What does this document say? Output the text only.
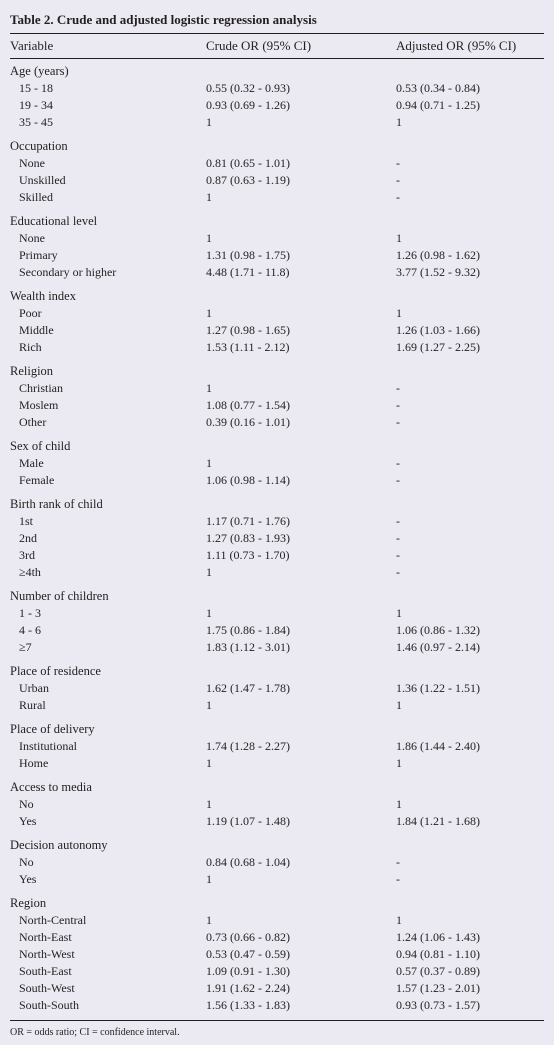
Table 2. Crude and adjusted logistic regression analysis
Variable	Crude OR (95% CI)	Adjusted OR (95% CI)
Age (years)
15 - 18	0.55 (0.32 - 0.93)	0.53 (0.34 - 0.84)
19 - 34	0.93 (0.69 - 1.26)	0.94 (0.71 - 1.25)
35 - 45	1	1
Occupation
None	0.81 (0.65 - 1.01)	-
Unskilled	0.87 (0.63 - 1.19)	-
Skilled	1	-
Educational level
None	1	1
Primary	1.31 (0.98 - 1.75)	1.26 (0.98 - 1.62)
Secondary or higher	4.48 (1.71 - 11.8)	3.77 (1.52 - 9.32)
Wealth index
Poor	1	1
Middle	1.27 (0.98 - 1.65)	1.26 (1.03 - 1.66)
Rich	1.53 (1.11 - 2.12)	1.69 (1.27 - 2.25)
Religion
Christian	1	-
Moslem	1.08 (0.77 - 1.54)	-
Other	0.39 (0.16 - 1.01)	-
Sex of child
Male	1	-
Female	1.06 (0.98 - 1.14)	-
Birth rank of child
1st	1.17 (0.71 - 1.76)	-
2nd	1.27 (0.83 - 1.93)	-
3rd	1.11 (0.73 - 1.70)	-
≥4th	1	-
Number of children
1 - 3	1	1
4 - 6	1.75 (0.86 - 1.84)	1.06 (0.86 - 1.32)
≥7	1.83 (1.12 - 3.01)	1.46 (0.97 - 2.14)
Place of residence
Urban	1.62 (1.47 - 1.78)	1.36 (1.22 - 1.51)
Rural	1	1
Place of delivery
Institutional	1.74 (1.28 - 2.27)	1.86 (1.44 - 2.40)
Home	1	1
Access to media
No	1	1
Yes	1.19 (1.07 - 1.48)	1.84 (1.21 - 1.68)
Decision autonomy
No	0.84 (0.68 - 1.04)	-
Yes	1	-
Region
North-Central	1	1
North-East	0.73 (0.66 - 0.82)	1.24 (1.06 - 1.43)
North-West	0.53 (0.47 - 0.59)	0.94 (0.81 - 1.10)
South-East	1.09 (0.91 - 1.30)	0.57 (0.37 - 0.89)
South-West	1.91 (1.62 - 2.24)	1.57 (1.23 - 2.01)
South-South	1.56 (1.33 - 1.83)	0.93 (0.73 - 1.57)
OR = odds ratio; CI = confidence interval.
